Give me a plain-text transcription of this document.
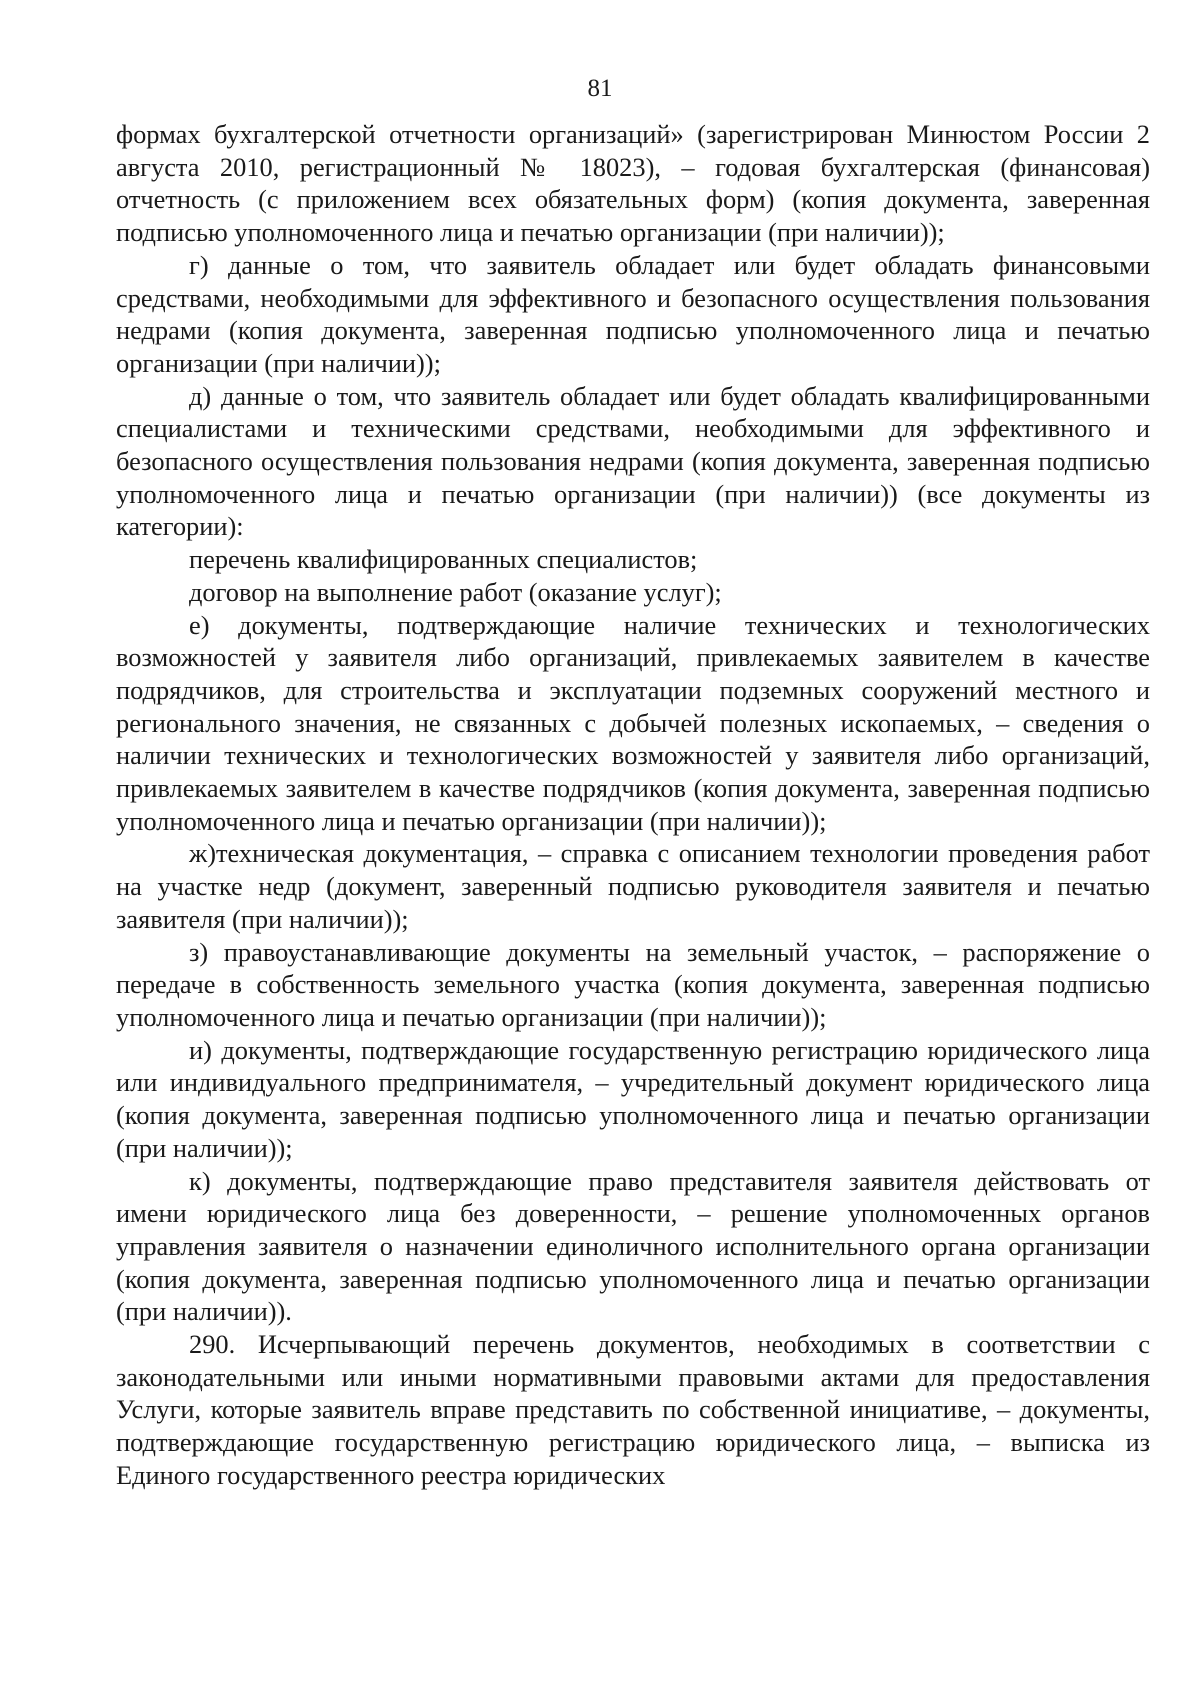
81

формах бухгалтерской отчетности организаций» (зарегистрирован Минюстом России 2 августа 2010, регистрационный № 18023), – годовая бухгалтерская (финансовая) отчетность (с приложением всех обязательных форм) (копия документа, заверенная подписью уполномоченного лица и печатью организации (при наличии));

г) данные о том, что заявитель обладает или будет обладать финансовыми средствами, необходимыми для эффективного и безопасного осуществления пользования недрами (копия документа, заверенная подписью уполномоченного лица и печатью организации (при наличии));

д) данные о том, что заявитель обладает или будет обладать квалифицированными специалистами и техническими средствами, необходимыми для эффективного и безопасного осуществления пользования недрами (копия документа, заверенная подписью уполномоченного лица и печатью организации (при наличии)) (все документы из категории):

перечень квалифицированных специалистов;

договор на выполнение работ (оказание услуг);

е) документы, подтверждающие наличие технических и технологических возможностей у заявителя либо организаций, привлекаемых заявителем в качестве подрядчиков, для строительства и эксплуатации подземных сооружений местного и регионального значения, не связанных с добычей полезных ископаемых, – сведения о наличии технических и технологических возможностей у заявителя либо организаций, привлекаемых заявителем в качестве подрядчиков (копия документа, заверенная подписью уполномоченного лица и печатью организации (при наличии));

ж)техническая документация, – справка с описанием технологии проведения работ на участке недр (документ, заверенный подписью руководителя заявителя и печатью заявителя (при наличии));

з) правоустанавливающие документы на земельный участок, – распоряжение о передаче в собственность земельного участка (копия документа, заверенная подписью уполномоченного лица и печатью организации (при наличии));

и) документы, подтверждающие государственную регистрацию юридического лица или индивидуального предпринимателя, – учредительный документ юридического лица (копия документа, заверенная подписью уполномоченного лица и печатью организации (при наличии));

к) документы, подтверждающие право представителя заявителя действовать от имени юридического лица без доверенности, – решение уполномоченных органов управления заявителя о назначении единоличного исполнительного органа организации (копия документа, заверенная подписью уполномоченного лица и печатью организации (при наличии)).

290. Исчерпывающий перечень документов, необходимых в соответствии с законодательными или иными нормативными правовыми актами для предоставления Услуги, которые заявитель вправе представить по собственной инициативе, – документы, подтверждающие государственную регистрацию юридического лица, – выписка из Единого государственного реестра юридических
